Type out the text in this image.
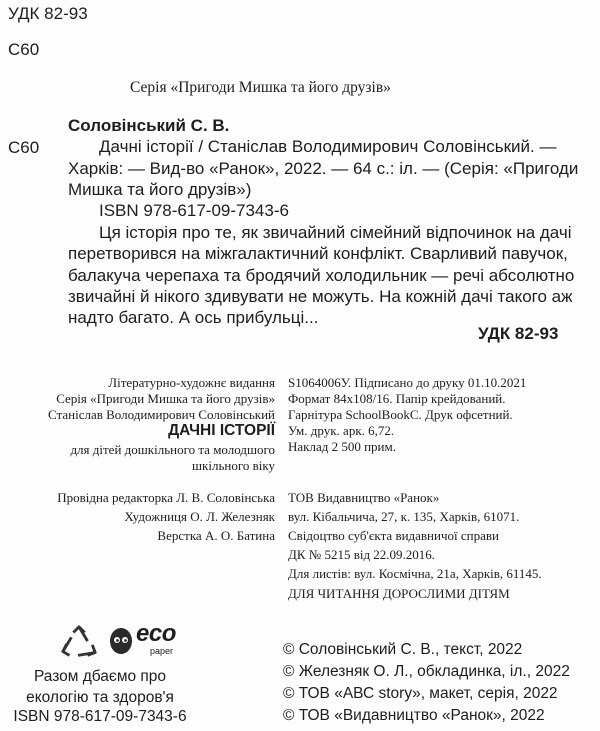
УДК 82-93
С60
Серія «Пригоди Мишка та його друзів»
С60
Соловінський С. В.
Дачні історії / Станіслав Володимирович Соловінський. —
Харків: — Вид-во «Ранок», 2022. — 64 с.: іл. — (Серія: «Пригоди
Мишка та його друзів»)
ISBN 978-617-09-7343-6
Ця історія про те, як звичайний сімейний відпочинок на дачі
перетворився на міжгалактичний конфлікт. Сварливий павучок,
балакуча черепаха та бродячий холодильник — речі абсолютно
звичайні й нікого здивувати не можуть. На кожній дачі такого аж
надто багато. А ось прибульці...
УДК 82-93
Літературно-художнє видання
Серія «Пригоди Мишка та його друзів»
Станіслав Володимирович Соловінський
ДАЧНІ ІСТОРІЇ
для дітей дошкільного та молодшого
шкільного віку
S1064006У. Підписано до друку 01.10.2021
Формат 84х108/16. Папір крейдований.
Гарнітура SchoolBookC. Друк офсетний.
Ум. друк. арк. 6,72.
Наклад 2 500 прим.
Провідна редакторка Л. В. Соловінська
Художниця О. Л. Железняк
Верстка А. О. Батина
ТОВ Видавництво «Ранок»
вул. Кібальчича, 27, к. 135, Харків, 61071.
Свідоцтво суб'єкта видавничої справи
ДК № 5215 від 22.09.2016.
Для листів: вул. Космічна, 21а, Харків, 61145.
ДЛЯ ЧИТАННЯ ДОРОСЛИМИ ДІТЯМ
eco
paper
Разом дбаємо про
екологію та здоров'я
ISBN 978-617-09-7343-6
© Соловінський С. В., текст, 2022
© Железняк О. Л., обкладинка, іл., 2022
© ТОВ «АВС story», макет, серія, 2022
© ТОВ «Видавництво «Ранок», 2022
